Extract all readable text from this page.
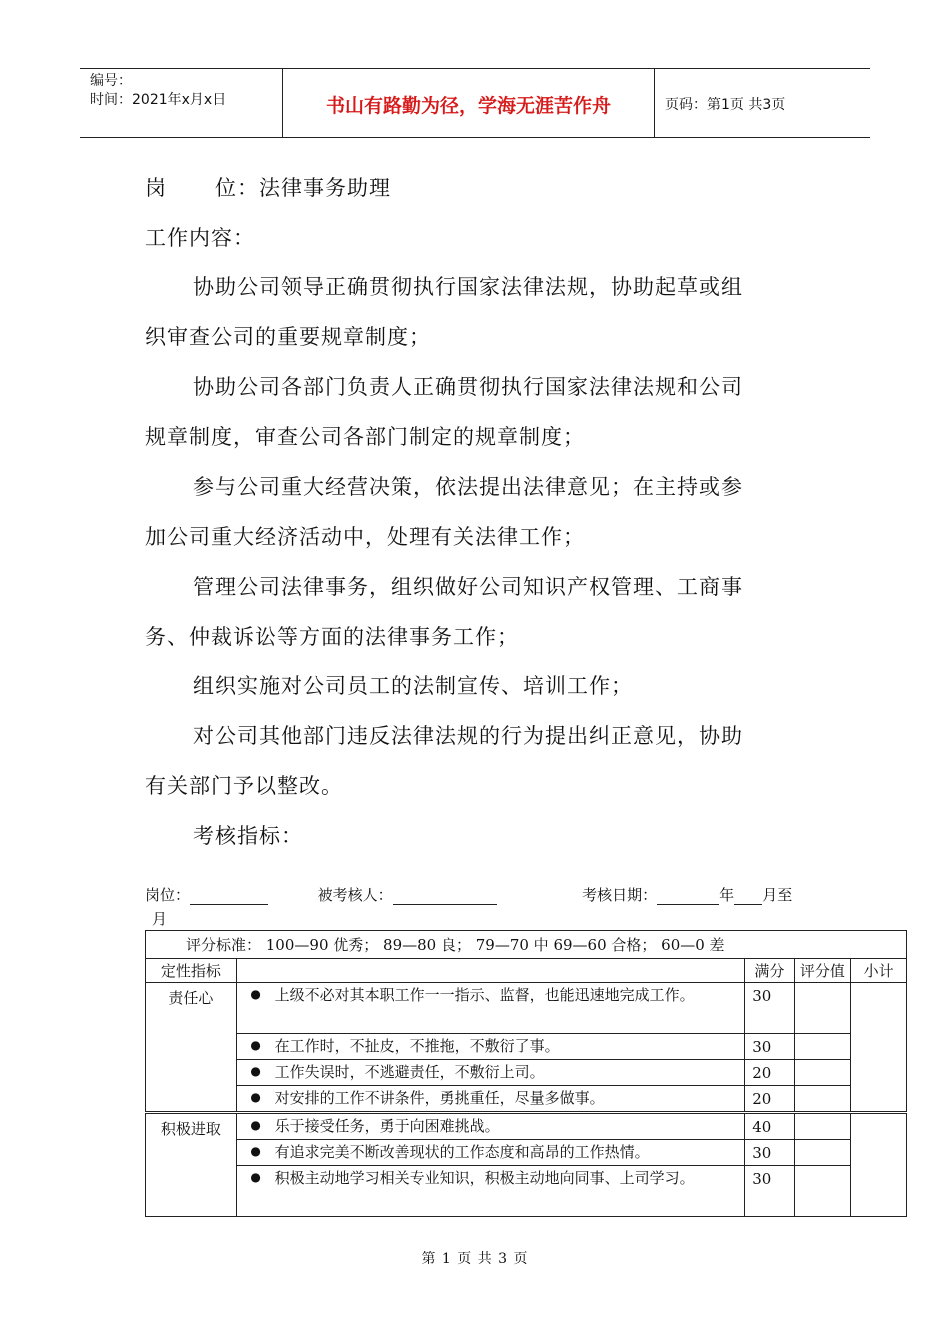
编号：
时间：2021年x月x日	书山有路勤为径，学海无涯苦作舟	页码：第1页 共3页
岗 位：法律事务助理
工作内容：
协助公司领导正确贯彻执行国家法律法规，协助起草或组
织审查公司的重要规章制度；
协助公司各部门负责人正确贯彻执行国家法律法规和公司
规章制度，审查公司各部门制定的规章制度；
参与公司重大经营决策，依法提出法律意见；在主持或参
加公司重大经济活动中，处理有关法律工作；
管理公司法律事务，组织做好公司知识产权管理、工商事
务、仲裁诉讼等方面的法律事务工作；
组织实施对公司员工的法制宣传、培训工作；
对公司其他部门违反法律法规的行为提出纠正意见，协助
有关部门予以整改。
考核指标：
岗位：	被考核人：	考核日期：	年 月至
月
评分标准： 100—90 优秀； 89—80 良； 79—70 中 69—60 合格； 60—0 差				
定性指标		满分	评分值	小计
责任心	● 上级不必对其本职工作一一指示、监督，也能迅速地完成工作。	30		
	● 在工作时，不扯皮，不推拖，不敷衍了事。	30		
	● 工作失误时，不逃避责任，不敷衍上司。	20		
	● 对安排的工作不讲条件，勇挑重任，尽量多做事。	20		
积极进取	● 乐于接受任务，勇于向困难挑战。	40		
	● 有追求完美不断改善现状的工作态度和高昂的工作热情。	30		
	● 积极主动地学习相关专业知识，积极主动地向同事、上司学习。	30		
第 1 页 共 3 页
